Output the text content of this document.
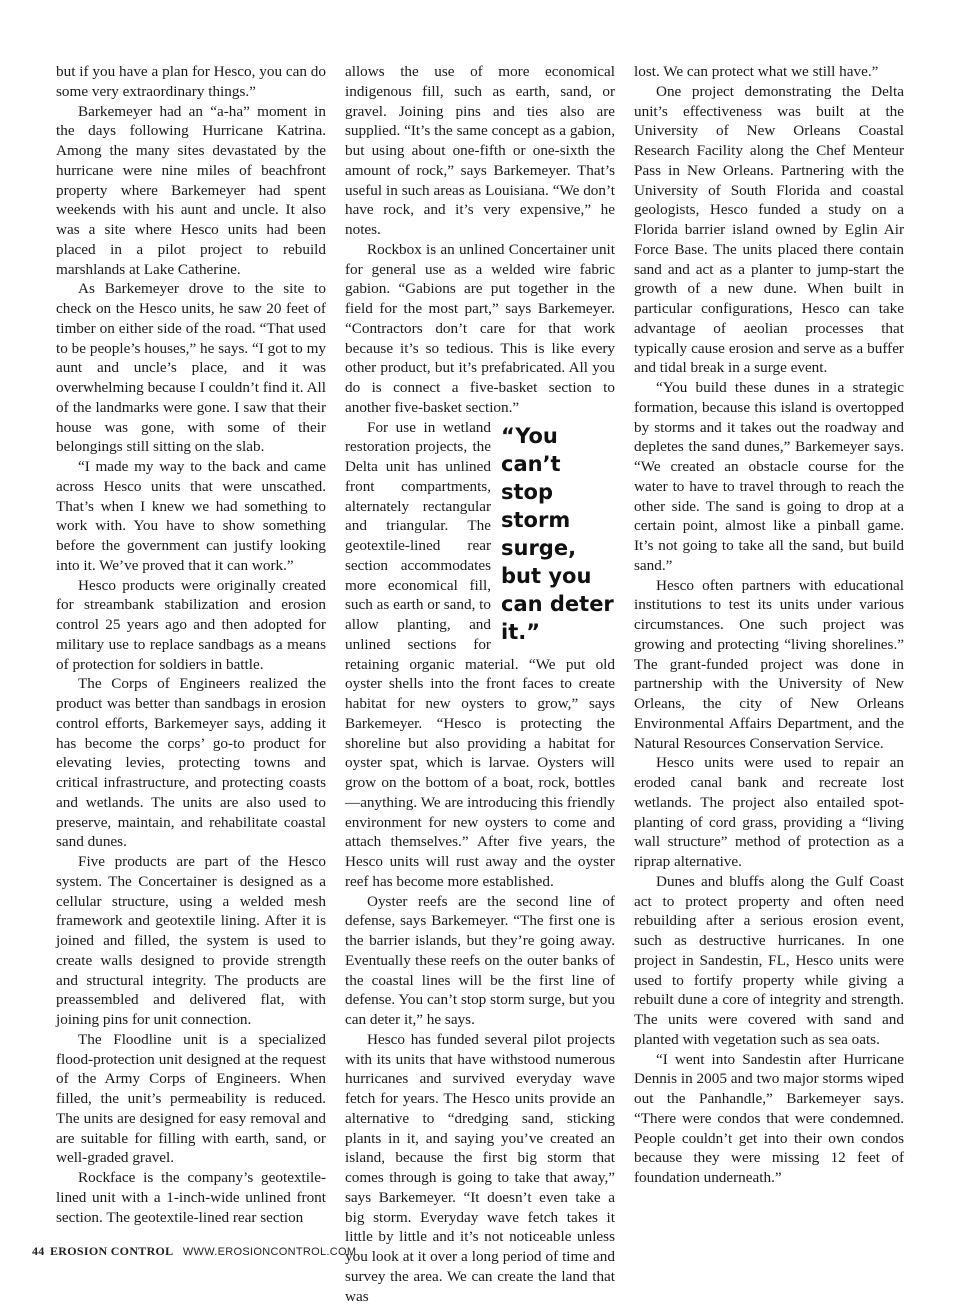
but if you have a plan for Hesco, you can do some very extraordinary things.”

Barkemeyer had an “a-ha” moment in the days following Hurricane Katrina. Among the many sites devastated by the hurricane were nine miles of beachfront property where Barkemeyer had spent weekends with his aunt and uncle. It also was a site where Hesco units had been placed in a pilot project to rebuild marshlands at Lake Catherine.

As Barkemeyer drove to the site to check on the Hesco units, he saw 20 feet of timber on either side of the road. “That used to be people’s houses,” he says. “I got to my aunt and uncle’s place, and it was overwhelming because I couldn’t find it. All of the landmarks were gone. I saw that their house was gone, with some of their belongings still sitting on the slab.

“I made my way to the back and came across Hesco units that were unscathed. That’s when I knew we had something to work with. You have to show something before the government can justify looking into it. We’ve proved that it can work.”

Hesco products were originally created for streambank stabilization and erosion control 25 years ago and then adopted for military use to replace sandbags as a means of protection for soldiers in battle.

The Corps of Engineers realized the product was better than sandbags in erosion control efforts, Barkemeyer says, adding it has become the corps’ go-to product for elevating levies, protecting towns and critical infrastructure, and protecting coasts and wetlands. The units are also used to preserve, maintain, and rehabilitate coastal sand dunes.

Five products are part of the Hesco system. The Concertainer is designed as a cellular structure, using a welded mesh framework and geotextile lining. After it is joined and filled, the system is used to create walls designed to provide strength and structural integrity. The products are preassembled and delivered flat, with joining pins for unit connection.

The Floodline unit is a specialized flood-protection unit designed at the request of the Army Corps of Engineers. When filled, the unit’s permeability is reduced. The units are designed for easy removal and are suitable for filling with earth, sand, or well-graded gravel.

Rockface is the company’s geotextile-lined unit with a 1-inch-wide unlined front section. The geotextile-lined rear section

allows the use of more economical indigenous fill, such as earth, sand, or gravel. Joining pins and ties also are supplied. “It’s the same concept as a gabion, but using about one-fifth or one-sixth the amount of rock,” says Barkemeyer. That’s useful in such areas as Louisiana. “We don’t have rock, and it’s very expensive,” he notes.

Rockbox is an unlined Concertainer unit for general use as a welded wire fabric gabion. “Gabions are put together in the field for the most part,” says Barkemeyer. “Contractors don’t care for that work because it’s so tedious. This is like every other product, but it’s prefabricated. All you do is connect a five-basket section to another five-basket section.”

“You can’t stop storm surge, but you can deter it.”

For use in wetland restoration projects, the Delta unit has unlined front compartments, alternately rectangular and triangular. The geotextile-lined rear section accommodates more economical fill, such as earth or sand, to allow planting, and unlined sections for retaining organic material. “We put old oyster shells into the front faces to create habitat for new oysters to grow,” says Barkemeyer. “Hesco is protecting the shoreline but also providing a habitat for oyster spat, which is larvae. Oysters will grow on the bottom of a boat, rock, bottles—anything. We are introducing this friendly environment for new oysters to come and attach themselves.” After five years, the Hesco units will rust away and the oyster reef has become more established.

Oyster reefs are the second line of defense, says Barkemeyer. “The first one is the barrier islands, but they’re going away. Eventually these reefs on the outer banks of the coastal lines will be the first line of defense. You can’t stop storm surge, but you can deter it,” he says.

Hesco has funded several pilot projects with its units that have withstood numerous hurricanes and survived everyday wave fetch for years. The Hesco units provide an alternative to “dredging sand, sticking plants in it, and saying you’ve created an island, because the first big storm that comes through is going to take that away,” says Barkemeyer. “It doesn’t even take a big storm. Everyday wave fetch takes it little by little and it’s not noticeable unless you look at it over a long period of time and survey the area. We can create the land that was

lost. We can protect what we still have.”

One project demonstrating the Delta unit’s effectiveness was built at the University of New Orleans Coastal Research Facility along the Chef Menteur Pass in New Orleans. Partnering with the University of South Florida and coastal geologists, Hesco funded a study on a Florida barrier island owned by Eglin Air Force Base. The units placed there contain sand and act as a planter to jump-start the growth of a new dune. When built in particular configurations, Hesco can take advantage of aeolian processes that typically cause erosion and serve as a buffer and tidal break in a surge event.

“You build these dunes in a strategic formation, because this island is overtopped by storms and it takes out the roadway and depletes the sand dunes,” Barkemeyer says. “We created an obstacle course for the water to have to travel through to reach the other side. The sand is going to drop at a certain point, almost like a pinball game. It’s not going to take all the sand, but build sand.”

Hesco often partners with educational institutions to test its units under various circumstances. One such project was growing and protecting “living shorelines.” The grant-funded project was done in partnership with the University of New Orleans, the city of New Orleans Environmental Affairs Department, and the Natural Resources Conservation Service.

Hesco units were used to repair an eroded canal bank and recreate lost wetlands. The project also entailed spot-planting of cord grass, providing a “living wall structure” method of protection as a riprap alternative.

Dunes and bluffs along the Gulf Coast act to protect property and often need rebuilding after a serious erosion event, such as destructive hurricanes. In one project in Sandestin, FL, Hesco units were used to fortify property while giving a rebuilt dune a core of integrity and strength. The units were covered with sand and planted with vegetation such as sea oats.

“I went into Sandestin after Hurricane Dennis in 2005 and two major storms wiped out the Panhandle,” Barkemeyer says. “There were condos that were condemned. People couldn’t get into their own condos because they were missing 12 feet of foundation underneath.”

44 EROSION CONTROL WWW.EROSIONCONTROL.COM
